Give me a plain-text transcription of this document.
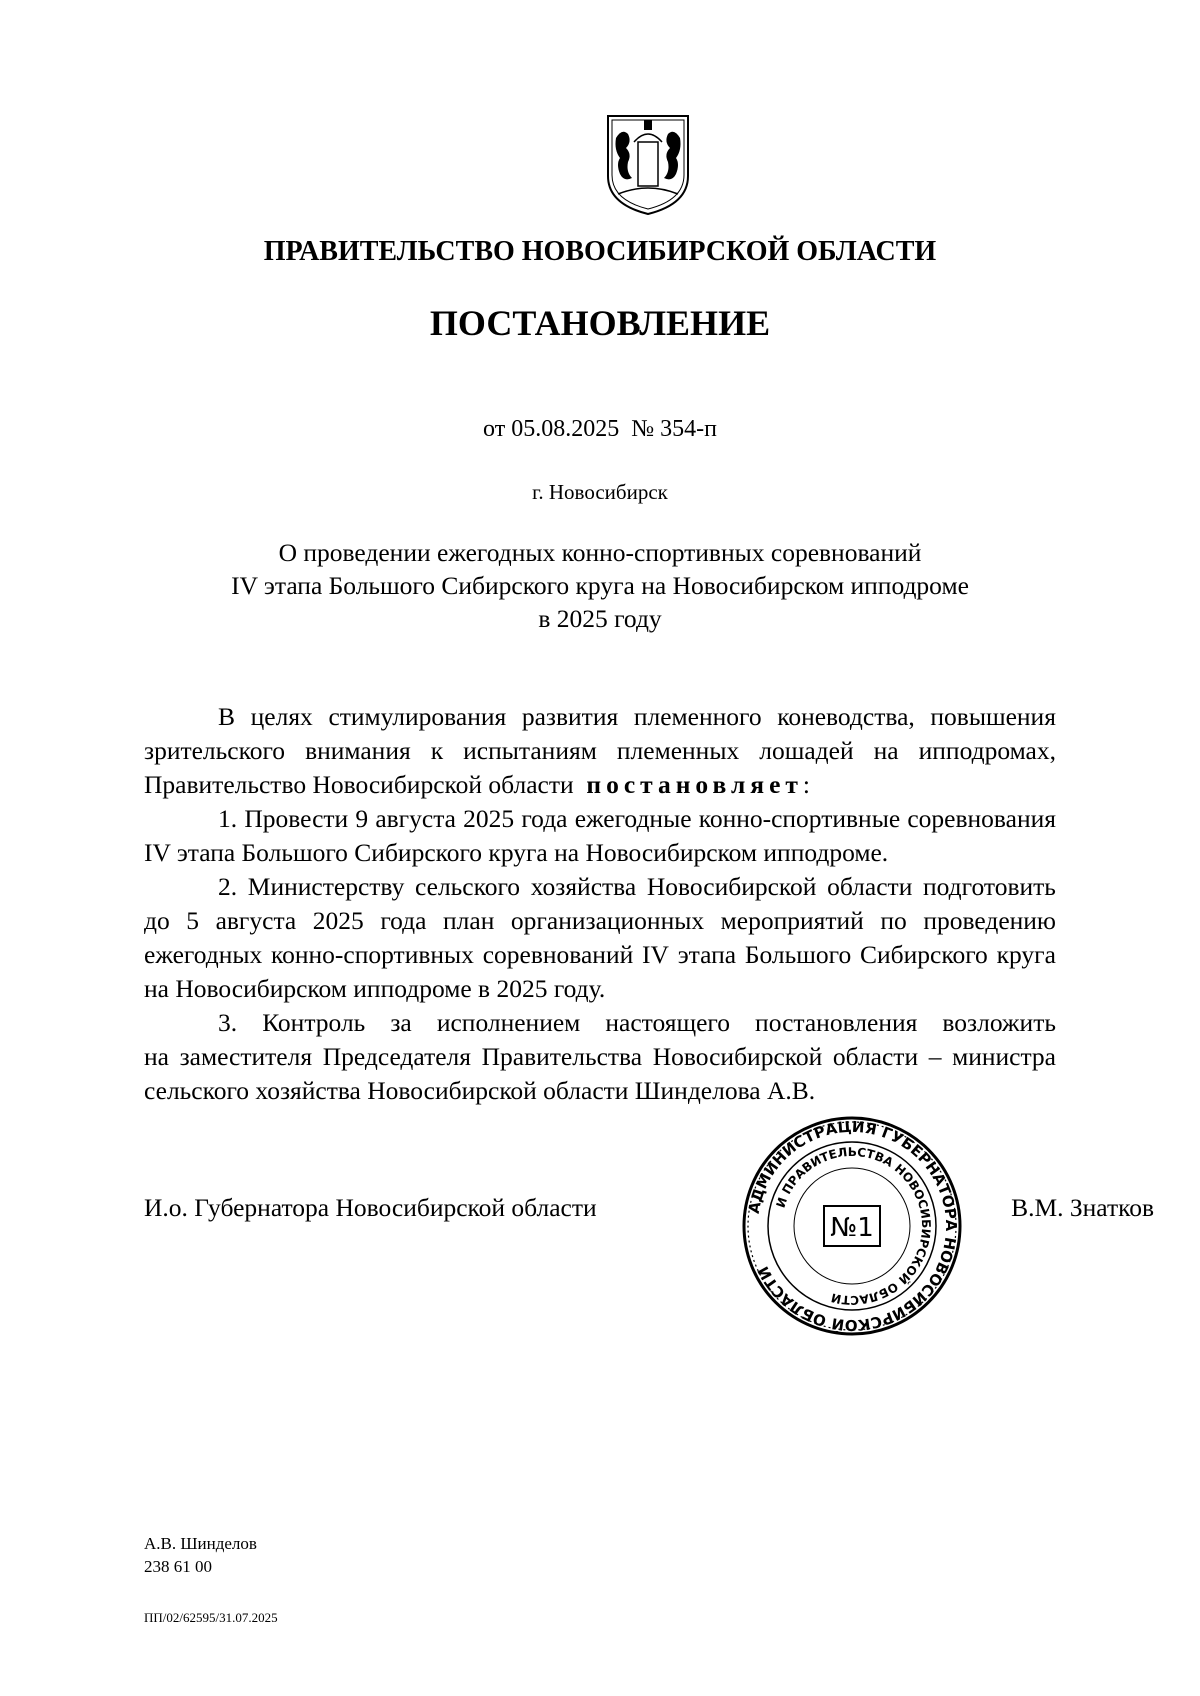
ПРАВИТЕЛЬСТВО НОВОСИБИРСКОЙ ОБЛАСТИ
ПОСТАНОВЛЕНИЕ
от 05.08.2025 № 354-п
г. Новосибирск
О проведении ежегодных конно-спортивных соревнований
IV этапа Большого Сибирского круга на Новосибирском ипподроме
в 2025 году
В целях стимулирования развития племенного коневодства, повышения
зрительского внимания к испытаниям племенных лошадей на ипподромах,
Правительство Новосибирской области
постановляет :
1. Провести 9 августа 2025 года ежегодные конно-спортивные соревнования
IV этапа Большого Сибирского круга на Новосибирском ипподроме.
2. Министерству сельского хозяйства Новосибирской области подготовить
до 5 августа 2025 года план организационных мероприятий по проведению
ежегодных конно-спортивных соревнований IV этапа Большого Сибирского круга
на Новосибирском ипподроме в 2025 году.
3. Контроль за исполнением настоящего постановления возложить
на заместителя Председателя Правительства Новосибирской области – министра
сельского хозяйства Новосибирской области Шинделова А.В.
И.о. Губернатора Новосибирской области	В.М. Знатков
АДМИНИСТРАЦИЯ ГУБЕРНАТОРА НОВОСИБИРСКОЙ ОБЛАСТИ
И ПРАВИТЕЛЬСТВА НОВОСИБИРСКОЙ ОБЛАСТИ
№1
А.В. Шинделов
238 61 00
ПП/02/62595/31.07.2025
